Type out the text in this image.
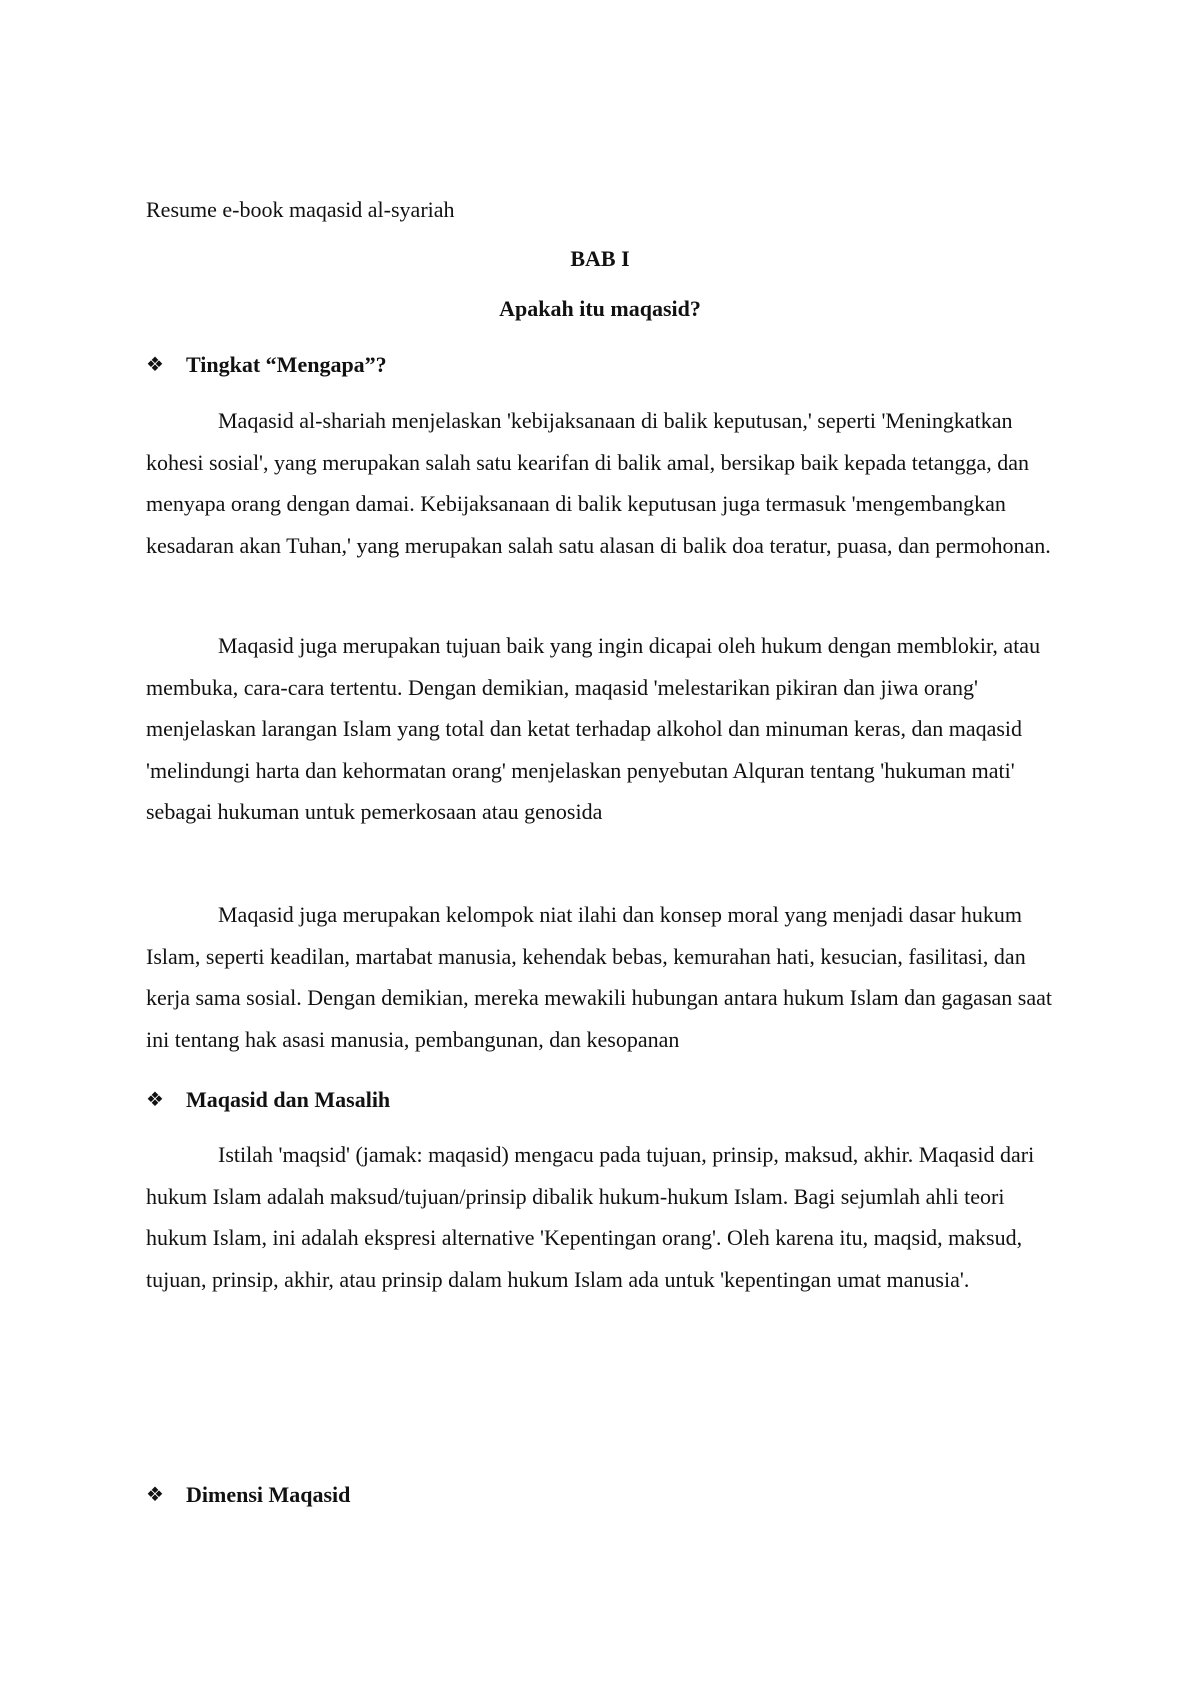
Resume e-book maqasid al-syariah

BAB I

Apakah itu maqasid?

❖	Tingkat “Mengapa”?

Maqasid al-shariah menjelaskan 'kebijaksanaan di balik keputusan,' seperti 'Meningkatkan kohesi sosial', yang merupakan salah satu kearifan di balik amal, bersikap baik kepada tetangga, dan menyapa orang dengan damai. Kebijaksanaan di balik keputusan juga termasuk 'mengembangkan kesadaran akan Tuhan,' yang merupakan salah satu alasan di balik doa teratur, puasa, dan permohonan.

Maqasid juga merupakan tujuan baik yang ingin dicapai oleh hukum dengan memblokir, atau membuka, cara-cara tertentu. Dengan demikian, maqasid 'melestarikan pikiran dan jiwa orang' menjelaskan larangan Islam yang total dan ketat terhadap alkohol dan minuman keras, dan maqasid 'melindungi harta dan kehormatan orang' menjelaskan penyebutan Alquran tentang 'hukuman mati' sebagai hukuman untuk pemerkosaan atau genosida

Maqasid juga merupakan kelompok niat ilahi dan konsep moral yang menjadi dasar hukum Islam, seperti keadilan, martabat manusia, kehendak bebas, kemurahan hati, kesucian, fasilitasi, dan kerja sama sosial. Dengan demikian, mereka mewakili hubungan antara hukum Islam dan gagasan saat ini tentang hak asasi manusia, pembangunan, dan kesopanan

❖	Maqasid dan Masalih

Istilah 'maqsid' (jamak: maqasid) mengacu pada tujuan, prinsip, maksud, akhir. Maqasid dari hukum Islam adalah maksud/tujuan/prinsip dibalik hukum-hukum Islam. Bagi sejumlah ahli teori hukum Islam, ini adalah ekspresi alternative 'Kepentingan orang'. Oleh karena itu, maqsid, maksud, tujuan, prinsip, akhir, atau prinsip dalam hukum Islam ada untuk 'kepentingan umat manusia'.

❖	Dimensi Maqasid
